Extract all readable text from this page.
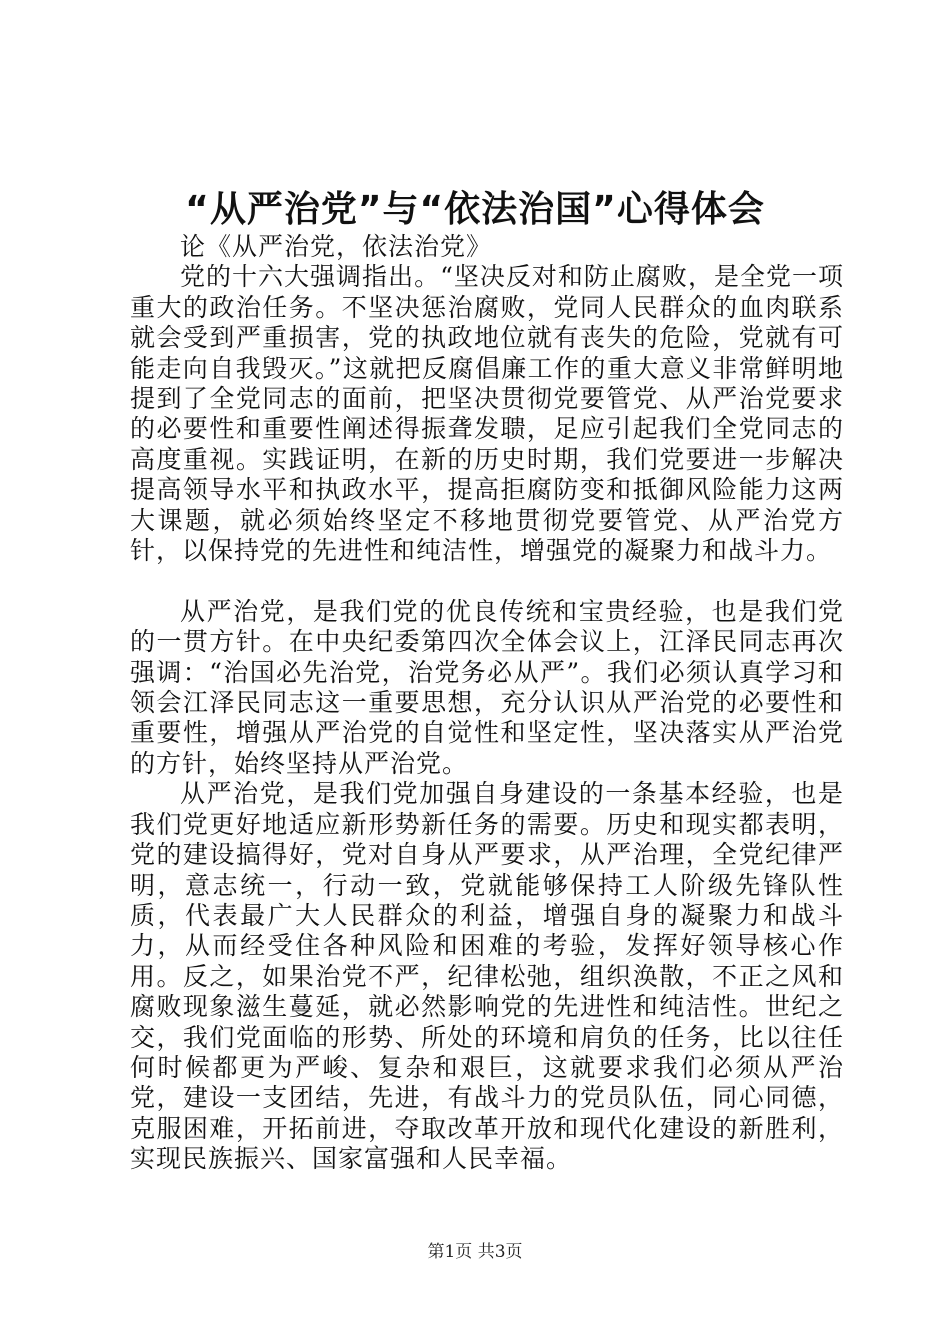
“从严治党”与“依法治国”心得体会

论《从严治党，依法治党》

党的十六大强调指出。“坚决反对和防止腐败，是全党一项重大的政治任务。不坚决惩治腐败，党同人民群众的血肉联系就会受到严重损害，党的执政地位就有丧失的危险，党就有可能走向自我毁灭。”这就把反腐倡廉工作的重大意义非常鲜明地提到了全党同志的面前，把坚决贯彻党要管党、从严治党要求的必要性和重要性阐述得振聋发聩，足应引起我们全党同志的高度重视。实践证明，在新的历史时期，我们党要进一步解决提高领导水平和执政水平，提高拒腐防变和抵御风险能力这两大课题，就必须始终坚定不移地贯彻党要管党、从严治党方针，以保持党的先进性和纯洁性，增强党的凝聚力和战斗力。

从严治党，是我们党的优良传统和宝贵经验，也是我们党的一贯方针。在中央纪委第四次全体会议上，江泽民同志再次强调：“治国必先治党，治党务必从严”。我们必须认真学习和领会江泽民同志这一重要思想，充分认识从严治党的必要性和重要性，增强从严治党的自觉性和坚定性，坚决落实从严治党的方针，始终坚持从严治党。

从严治党，是我们党加强自身建设的一条基本经验，也是我们党更好地适应新形势新任务的需要。历史和现实都表明，党的建设搞得好，党对自身从严要求，从严治理，全党纪律严明，意志统一，行动一致，党就能够保持工人阶级先锋队性质，代表最广大人民群众的利益，增强自身的凝聚力和战斗力，从而经受住各种风险和困难的考验，发挥好领导核心作用。反之，如果治党不严，纪律松弛，组织涣散，不正之风和腐败现象滋生蔓延，就必然影响党的先进性和纯洁性。世纪之交，我们党面临的形势、所处的环境和肩负的任务，比以往任何时候都更为严峻、复杂和艰巨，这就要求我们必须从严治党，建设一支团结，先进，有战斗力的党员队伍，同心同德，克服困难，开拓前进，夺取改革开放和现代化建设的新胜利，实现民族振兴、国家富强和人民幸福。

第1页 共3页
